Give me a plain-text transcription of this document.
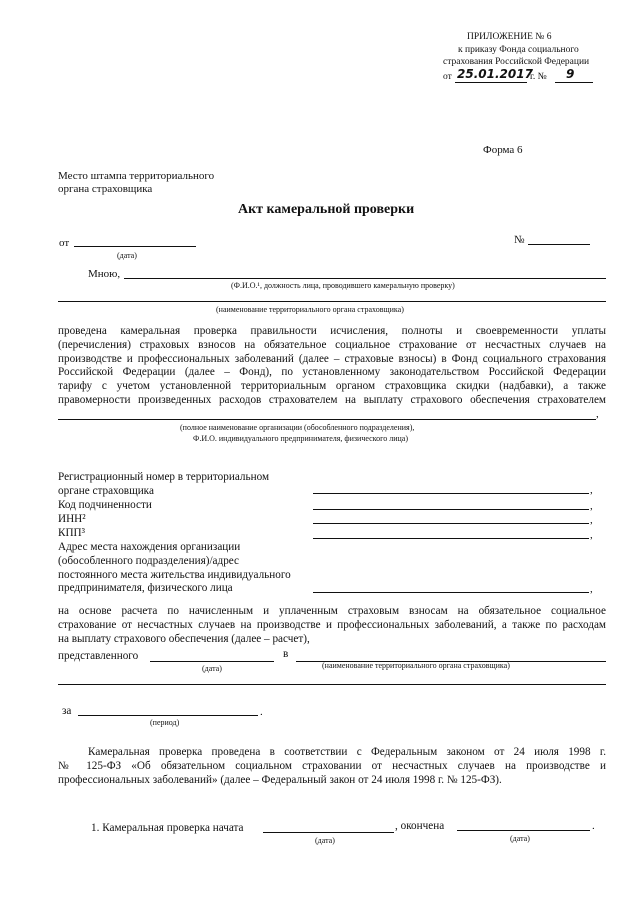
ПРИЛОЖЕНИЕ № 6
к приказу Фонда социального
страхования Российской Федерации
от 25.01.2017
г. № 9
Форма 6
Место штампа территориального
органа страховщика
Акт камеральной проверки
от
(дата)
№
Мною,
(Ф.И.О.¹, должность лица, проводившего камеральную проверку)
(наименование территориального органа страховщика)
проведена камеральная проверка правильности исчисления, полноты и своевременности уплаты
(перечисления) страховых взносов на обязательное социальное страхование от несчастных случаев на
производстве и профессиональных заболеваний (далее – страховые взносы) в Фонд социального страхования
Российской Федерации (далее – Фонд), по установленному законодательством Российской Федерации
тарифу с учетом установленной территориальным органом страховщика скидки (надбавки), а также
правомерности произведенных расходов страхователем на выплату страхового обеспечения страхователем
,
(полное наименование организации (обособленного подразделения),
Ф.И.О. индивидуального предпринимателя, физического лица)
Регистрационный номер в территориальном
органе страховщика	,
Код подчиненности	,
ИНН²	,
КПП³	,
Адрес места нахождения организации
(обособленного подразделения)/адрес
постоянного места жительства индивидуального
предпринимателя, физического лица	,
на основе расчета по начисленным и уплаченным страховым взносам на обязательное социальное
страхование от несчастных случаев на производстве и профессиональных заболеваний, а также по расходам
на выплату страхового обеспечения (далее – расчет),
представленного	в
(дата)	(наименование территориального органа страховщика)
за	.
(период)
Камеральная проверка проведена в соответствии с Федеральным законом от 24 июля 1998 г.
№ 125-ФЗ «Об обязательном социальном страховании от несчастных случаев на производстве и
профессиональных заболеваний» (далее – Федеральный закон от 24 июля 1998 г. № 125-ФЗ).
1. Камеральная проверка начата	, окончена	.
(дата)	(дата)
